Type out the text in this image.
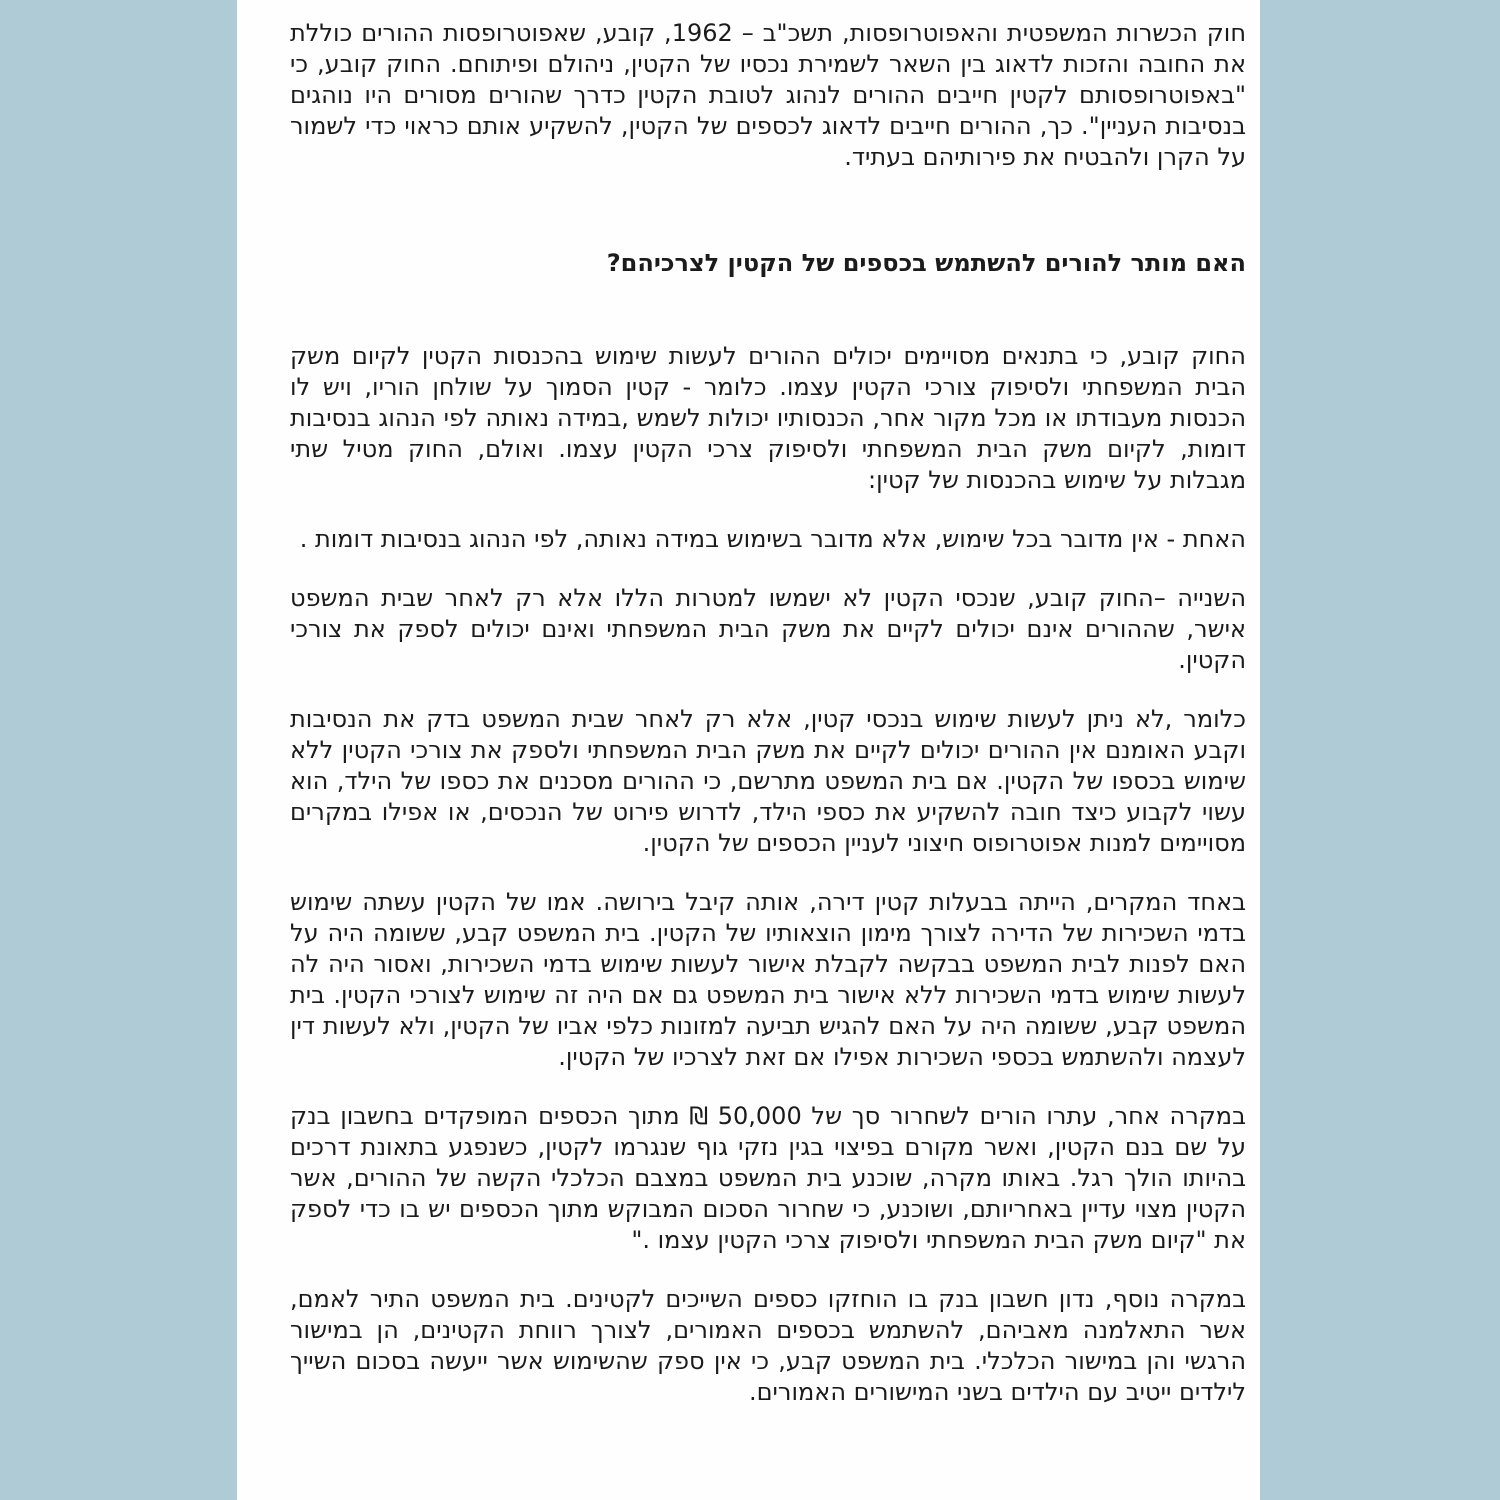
חוק הכשרות המשפטית והאפוטרופסות, תשכ"ב – 1962, קובע, שאפוטרופסות ההורים כוללת את החובה והזכות לדאוג בין השאר לשמירת נכסיו של הקטין, ניהולם ופיתוחם. החוק קובע, כי "באפוטרופסותם לקטין חייבים ההורים לנהוג לטובת הקטין כדרך שהורים מסורים היו נוהגים בנסיבות העניין". כך, ההורים חייבים לדאוג לכספים של הקטין, להשקיע אותם כראוי כדי לשמור על הקרן ולהבטיח את פירותיהם בעתיד.

האם מותר להורים להשתמש בכספים של הקטין לצרכיהם?

החוק קובע, כי בתנאים מסויימים יכולים ההורים לעשות שימוש בהכנסות הקטין לקיום משק הבית המשפחתי ולסיפוק צורכי הקטין עצמו. כלומר - קטין הסמוך על שולחן הוריו, ויש לו הכנסות מעבודתו או מכל מקור אחר, הכנסותיו יכולות לשמש ,במידה נאותה לפי הנהוג בנסיבות דומות, לקיום משק הבית המשפחתי ולסיפוק צרכי הקטין עצמו. ואולם, החוק מטיל שתי מגבלות על שימוש בהכנסות של קטין:

האחת - אין מדובר בכל שימוש, אלא מדובר בשימוש במידה נאותה, לפי הנהוג בנסיבות דומות .

השנייה –החוק קובע, שנכסי הקטין לא ישמשו למטרות הללו אלא רק לאחר שבית המשפט אישר, שההורים אינם יכולים לקיים את משק הבית המשפחתי ואינם יכולים לספק את צורכי הקטין.

כלומר ,לא ניתן לעשות שימוש בנכסי קטין, אלא רק לאחר שבית המשפט בדק את הנסיבות וקבע האומנם אין ההורים יכולים לקיים את משק הבית המשפחתי ולספק את צורכי הקטין ללא שימוש בכספו של הקטין. אם בית המשפט מתרשם, כי ההורים מסכנים את כספו של הילד, הוא עשוי לקבוע כיצד חובה להשקיע את כספי הילד, לדרוש פירוט של הנכסים, או אפילו במקרים מסויימים למנות אפוטרופוס חיצוני לעניין הכספים של הקטין.

באחד המקרים, הייתה בבעלות קטין דירה, אותה קיבל בירושה. אמו של הקטין עשתה שימוש בדמי השכירות של הדירה לצורך מימון הוצאותיו של הקטין. בית המשפט קבע, ששומה היה על האם לפנות לבית המשפט בבקשה לקבלת אישור לעשות שימוש בדמי השכירות, ואסור היה לה לעשות שימוש בדמי השכירות ללא אישור בית המשפט גם אם היה זה שימוש לצורכי הקטין. בית המשפט קבע, ששומה היה על האם להגיש תביעה למזונות כלפי אביו של הקטין, ולא לעשות דין לעצמה ולהשתמש בכספי השכירות אפילו אם זאת לצרכיו של הקטין.

במקרה אחר, עתרו הורים לשחרור סך של 50,000 ₪ מתוך הכספים המופקדים בחשבון בנק על שם בנם הקטין, ואשר מקורם בפיצוי בגין נזקי גוף שנגרמו לקטין, כשנפגע בתאונת דרכים בהיותו הולך רגל. באותו מקרה, שוכנע בית המשפט במצבם הכלכלי הקשה של ההורים, אשר הקטין מצוי עדיין באחריותם, ושוכנע, כי שחרור הסכום המבוקש מתוך הכספים יש בו כדי לספק את "קיום משק הבית המשפחתי ולסיפוק צרכי הקטין עצמו ."

במקרה נוסף, נדון חשבון בנק בו הוחזקו כספים השייכים לקטינים. בית המשפט התיר לאמם, אשר התאלמנה מאביהם, להשתמש בכספים האמורים, לצורך רווחת הקטינים, הן במישור הרגשי והן במישור הכלכלי. בית המשפט קבע, כי אין ספק שהשימוש אשר ייעשה בסכום השייך לילדים ייטיב עם הילדים בשני המישורים האמורים.
